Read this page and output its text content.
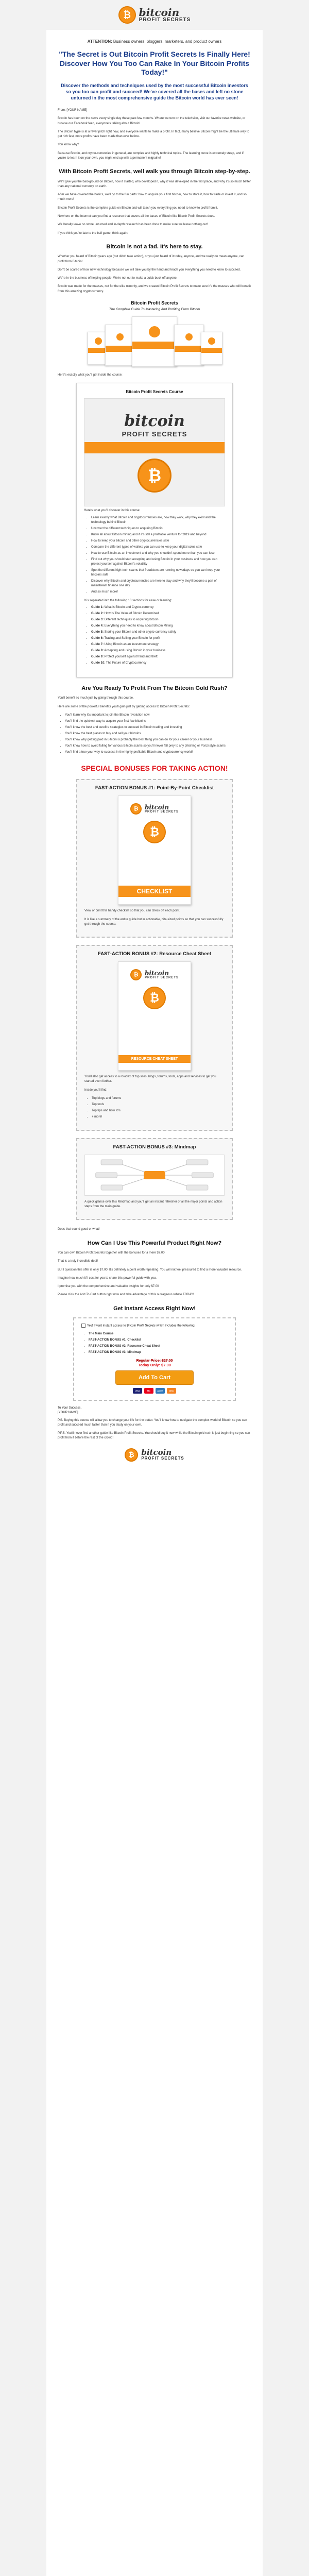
₿ bitcoin
PROFIT SECRETS
ATTENTION: Business owners, bloggers, marketers, and product owners
"The Secret is Out Bitcoin Profit Secrets Is Finally Here! Discover How You Too Can Rake In Your Bitcoin Profits Today!"
Discover the methods and techniques used by the most successful Bitcoin investors so you too can profit and succeed! We've covered all the bases and left no stone unturned in the most comprehensive guide the Bitcoin world has ever seen!

From: [YOUR NAME]

Bitcoin has been on the news every single day these past few months. Where we turn on the television, visit our favorite news website, or browse our Facebook feed, everyone's talking about Bitcoin!

The Bitcoin hype is at a fever pitch right now, and everyone wants to make a profit. In fact, many believe Bitcoin might be the ultimate way to get rich fast, more profits have been made than ever before.

You know why?

Because Bitcoin, and crypto-currencies in general, are complex and highly technical topics. The learning curve is extremely steep, and if you're to learn it on your own, you might end up with a permanent migraine!

With Bitcoin Profit Secrets, well walk you through Bitcoin step-by-step.

We'll give you the background on Bitcoin, how it started, who developed it, why it was developed in the first place, and why it's so much better than any national currency on earth.

After we have covered the basics, we'll go to the fun parts: how to acquire your first bitcoin, how to store it, how to trade or invest it, and so much more!

Bitcoin Profit Secrets is the complete guide on Bitcoin and will teach you everything you need to know to profit from it.

Nowhere on the Internet can you find a resource that covers all the bases of Bitcoin like Bitcoin Profit Secrets does.

We literally leave no stone unturned and in-depth research has been done to make sure we leave nothing out!

If you think you're late to the ball game, think again:

Bitcoin is not a fad. It's here to stay.

Whether you heard of Bitcoin years ago (but didn't take action), or you just heard of it today, anyone, and we really do mean anyone, can profit from Bitcoin!

Don't be scared of how new technology because we will take you by the hand and teach you everything you need to know to succeed.

We're in the business of helping people. We're not out to make a quick buck off anyone.

Bitcoin was made for the masses, not for the elite minority, and we created Bitcoin Profit Secrets to make sure it's the masses who will benefit from this amazing cryptocurrency.

Bitcoin Profit Secrets
The Complete Guide To Mastering And Profiting From Bitcoin

Here's exactly what you'll get inside the course:

Bitcoin Profit Secrets Course
bitcoin
PROFIT SECRETS
₿

Here's what you'll discover in this course:

• Learn exactly what Bitcoin and cryptocurrencies are, how they work, why they exist and the technology behind Bitcoin
• Uncover the different techniques to acquiring Bitcoin
• Know all about Bitcoin mining and if it's still a profitable venture for 2019 and beyond
• How to keep your bitcoin and other cryptocurrencies safe
• Compare the different types of wallets you can use to keep your digital coins safe
• How to use Bitcoin as an investment and why you shouldn't spend more than you can lose
• Find out why you should start accepting and using Bitcoin in your business and how you can protect yourself against Bitcoin's volatility
• Spot the different high-tech scams that fraudsters are running nowadays so you can keep your bitcoins safe
• Discover why Bitcoin and cryptocurrencies are here to stay and why they'll become a part of mainstream finance one day
• And so much more!

It is separated into the following 10 sections for ease or learning:

• Guide 1: What is Bitcoin and Crypto-currency
• Guide 2: How Is The Value of Bitcoin Determined
• Guide 3: Different techniques to acquiring bitcoin
• Guide 4: Everything you need to know about Bitcoin Mining
• Guide 5: Storing your Bitcoin and other crypto-currency safely
• Guide 6: Trading and Selling your Bitcoin for profit
• Guide 7: Using Bitcoin as an investment strategy
• Guide 8: Accepting and using Bitcoin in your business
• Guide 9: Protect yourself against fraud and theft
• Guide 10: The Future of Cryptocurrency
Are You Ready To Profit From The Bitcoin Gold Rush?

You'll benefit so much just by going through this course.

Here are some of the powerful benefits you'll gain just by getting access to Bitcoin Profit Secrets:

• You'll learn why it's important to join the Bitcoin revolution now
• You'll find the quickest way to acquire your first few bitcoins
• You'll know the best and surefire strategies to succeed in Bitcoin trading and investing
• You'll know the best places to buy and sell your bitcoins
• You'll know why getting paid in Bitcoin is probably the best thing you can do for your career or your business
• You'll know how to avoid falling for various Bitcoin scams so you'll never fall prey to any phishing or Ponzi style scams
• You'll find a true your way to success in the highly profitable Bitcoin and cryptocurrency world!
SPECIAL BONUSES FOR TAKING ACTION!
FAST-ACTION BONUS #1: Point-By-Point Checklist
₿	bitcoin
PROFIT SECRETS
₿
CHECKLIST

View or print this handy checklist so that you can check off each point.

It is like a summary of the entire guide but in actionable, bite-sized points so that you can successfully get through the course.

FAST-ACTION BONUS #2: Resource Cheat Sheet
₿	bitcoin
PROFIT SECRETS
₿
RESOURCE CHEAT SHEET

You'll also get access to a rolodex of top sites, blogs, forums, tools, apps and services to get you started even further.

Inside you'll find:

• Top blogs and forums
• Top tools
• Top tips and how to's
• + more!
FAST-ACTION BONUS #3: Mindmap

A quick glance over this Mindmap and you'll get an instant refresher of all the major points and action steps from the main guide.

Does that sound good or what!

How Can I Use This Powerful Product Right Now?

You can own Bitcoin Profit Secrets together with the bonuses for a mere $7.00

That is a truly incredible deal!

But I question this offer is only $7.00! It's definitely a point worth repeating. You will not feel pressured to find a more valuable resource.

Imagine how much it'll cost for you to share this powerful guide with you.

I promise you with the comprehensive and valuable insights for only $7.00

Please click the Add To Cart button right now and take advantage of this outrageous rebate TODAY!

Get Instant Access Right Now!
Yes! I want instant access to Bitcoin Profit Secrets which includes the following:
• The Main Course
• FAST-ACTION BONUS #1: Checklist
• FAST-ACTION BONUS #2: Resource Cheat Sheet
• FAST-ACTION BONUS #3: Mindmap
Regular Price: $27.00
Today Only: $7.00
Add To Cart
VISA	MC	AMEX	DISC
To Your Success,
[YOUR NAME]

P.S. Buying this course will allow you to change your life for the better. You'll know how to navigate the complex world of Bitcoin so you can profit and succeed much faster than if you study on your own.

P.P.S. You'll never find another guide like Bitcoin Profit Secrets. You should buy it now while the Bitcoin gold rush is just beginning so you can profit from it before the rest of the crowd!

₿ bitcoin
PROFIT SECRETS
